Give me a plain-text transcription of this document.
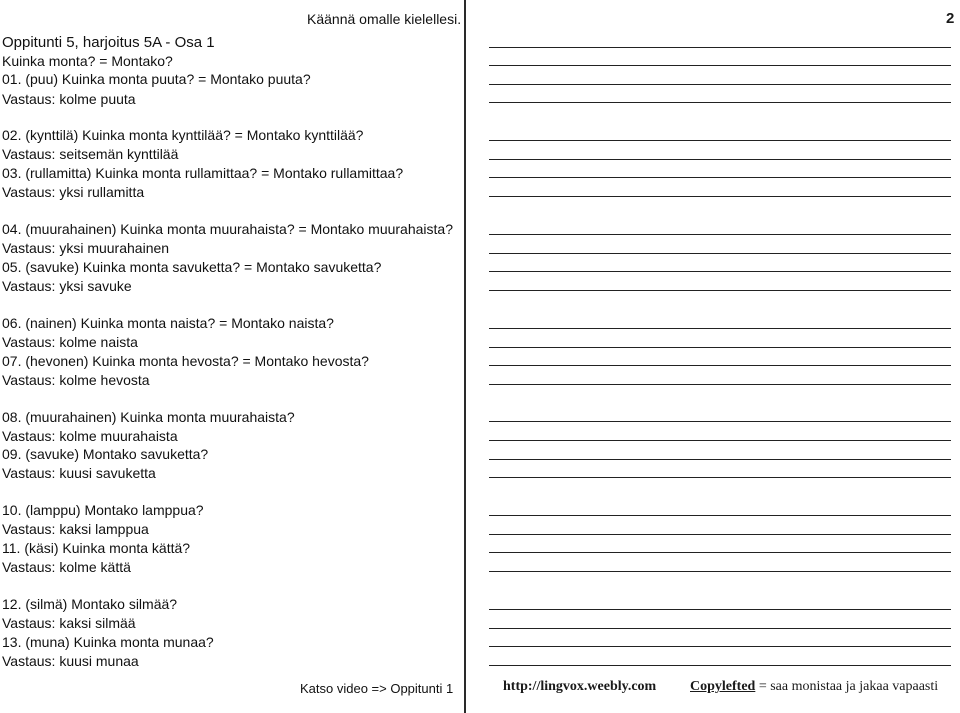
Käännä omalle kielellesi.	2
Oppitunti 5, harjoitus 5A - Osa 1
Kuinka monta? = Montako?
01. (puu) Kuinka monta puuta? = Montako puuta?
Vastaus: kolme puuta
02. (kynttilä) Kuinka monta kynttilää? = Montako kynttilää?
Vastaus: seitsemän kynttilää
03. (rullamitta) Kuinka monta rullamittaa? = Montako rullamittaa?
Vastaus: yksi rullamitta
04. (muurahainen) Kuinka monta muurahaista? = Montako muurahaista?
Vastaus: yksi muurahainen
05. (savuke) Kuinka monta savuketta? = Montako savuketta?
Vastaus: yksi savuke
06. (nainen) Kuinka monta naista? = Montako naista?
Vastaus: kolme naista
07. (hevonen) Kuinka monta hevosta? = Montako hevosta?
Vastaus: kolme hevosta
08. (muurahainen) Kuinka monta muurahaista?
Vastaus: kolme muurahaista
09. (savuke) Montako savuketta?
Vastaus: kuusi savuketta
10. (lamppu) Montako lamppua?
Vastaus: kaksi lamppua
11. (käsi) Kuinka monta kättä?
Vastaus: kolme kättä
12. (silmä) Montako silmää?
Vastaus: kaksi silmää
13. (muna) Kuinka monta munaa?
Vastaus: kuusi munaa
Katso video => Oppitunti 1	http://lingvox.weebly.com Copylefted = saa monistaa ja jakaa vapaasti
